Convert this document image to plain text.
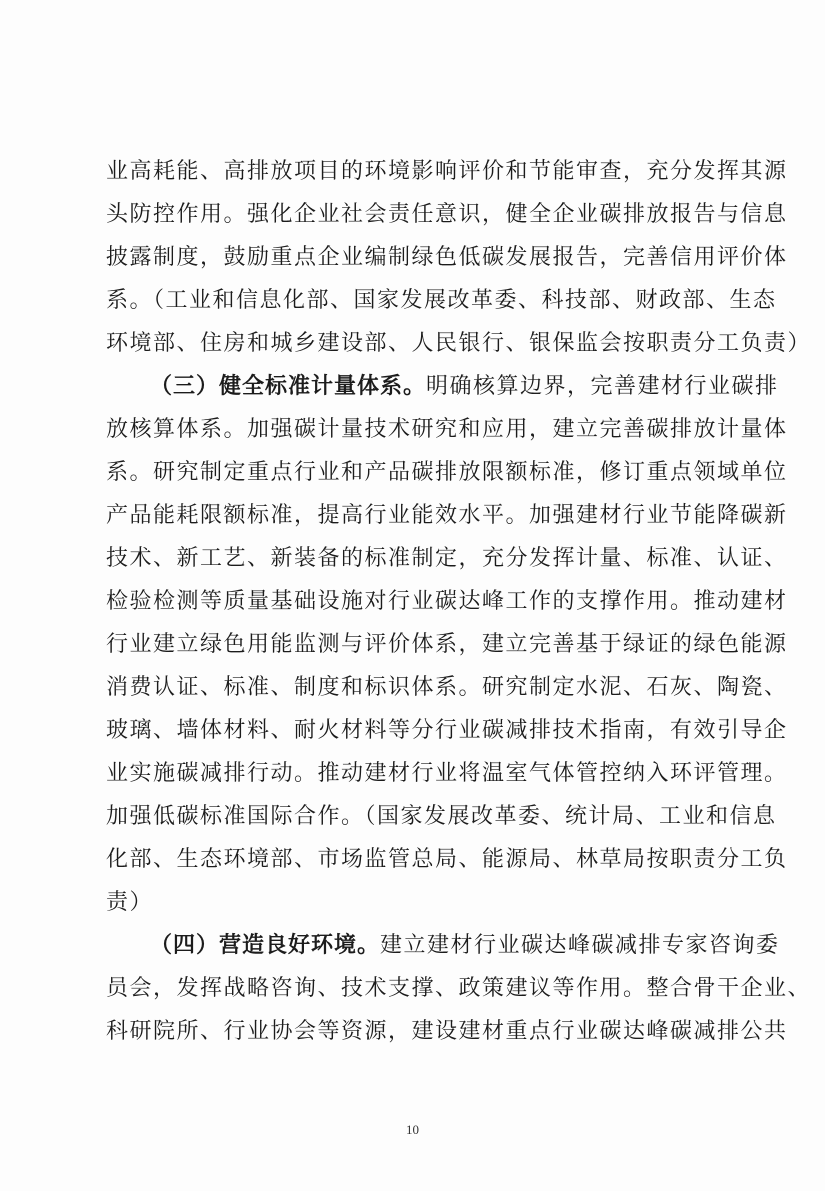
业高耗能、高排放项目的环境影响评价和节能审查，充分发挥其源
头防控作用。强化企业社会责任意识，健全企业碳排放报告与信息
披露制度，鼓励重点企业编制绿色低碳发展报告，完善信用评价体
系。（工业和信息化部、国家发展改革委、科技部、财政部、生态
环境部、住房和城乡建设部、人民银行、银保监会按职责分工负责）
（三）健全标准计量体系。明确核算边界，完善建材行业碳排
放核算体系。加强碳计量技术研究和应用，建立完善碳排放计量体
系。研究制定重点行业和产品碳排放限额标准，修订重点领域单位
产品能耗限额标准，提高行业能效水平。加强建材行业节能降碳新
技术、新工艺、新装备的标准制定，充分发挥计量、标准、认证、
检验检测等质量基础设施对行业碳达峰工作的支撑作用。推动建材
行业建立绿色用能监测与评价体系，建立完善基于绿证的绿色能源
消费认证、标准、制度和标识体系。研究制定水泥、石灰、陶瓷、
玻璃、墙体材料、耐火材料等分行业碳减排技术指南，有效引导企
业实施碳减排行动。推动建材行业将温室气体管控纳入环评管理。
加强低碳标准国际合作。（国家发展改革委、统计局、工业和信息
化部、生态环境部、市场监管总局、能源局、林草局按职责分工负
责）
（四）营造良好环境。建立建材行业碳达峰碳减排专家咨询委
员会，发挥战略咨询、技术支撑、政策建议等作用。整合骨干企业、
科研院所、行业协会等资源，建设建材重点行业碳达峰碳减排公共
10
